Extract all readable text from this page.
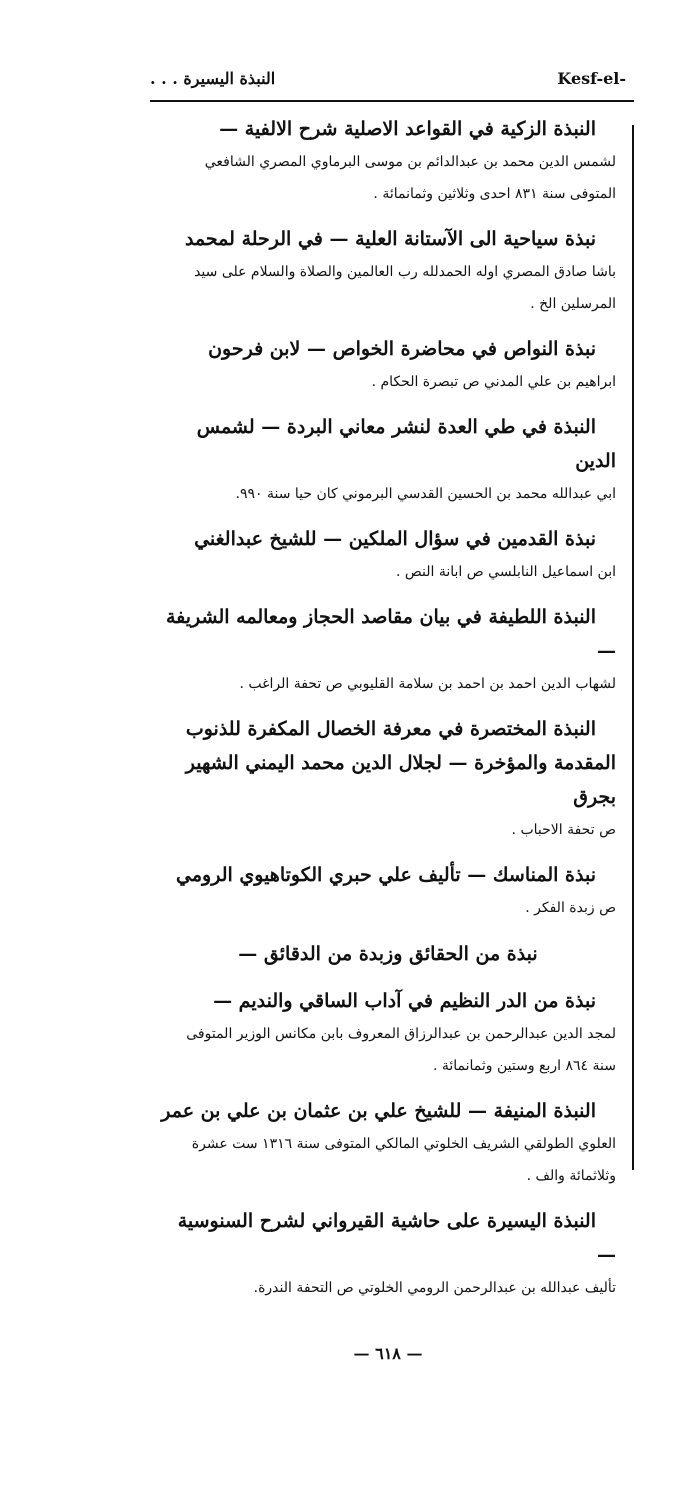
النبذة اليسيرة . . .	Kesf-el-
النبذة الزكية في القواعد الاصلية شرح الالفية —
لشمس الدين محمد بن عبدالدائم بن موسى البرماوي المصري الشافعي المتوفى سنة ٨٣١ احدى وثلاثين وثمانمائة .
نبذة سياحية الى الآستانة العلية — في الرحلة لمحمد
باشا صادق المصري اوله الحمدلله رب العالمين والصلاة والسلام على سيد المرسلين الخ .
نبذة النواص في محاضرة الخواص — لابن فرحون
ابراهيم بن علي المدني ص تبصرة الحكام .
النبذة في طي العدة لنشر معاني البردة — لشمس الدين
ابي عبدالله محمد بن الحسين القدسي البرموني كان حيا سنة ٩٩٠.
نبذة القدمين في سؤال الملكين — للشيخ عبدالغني
ابن اسماعيل النابلسي ص ابانة النص .
النبذة اللطيفة في بيان مقاصد الحجاز ومعالمه الشريفة —
لشهاب الدين احمد بن احمد بن سلامة القليوبي ص تحفة الراغب .
النبذة المختصرة في معرفة الخصال المكفرة للذنوب المقدمة والمؤخرة — لجلال الدين محمد اليمني الشهير بجرق
ص تحفة الاحباب .
نبذة المناسك — تأليف علي حبري الكوتاهيوي الرومي
ص زبدة الفكر .
نبذة من الحقائق وزبدة من الدقائق —
نبذة من الدر النظيم في آداب الساقي والنديم —
لمجد الدين عبدالرحمن بن عبدالرزاق المعروف بابن مكانس الوزير المتوفى سنة ٨٦٤ اربع وستين وثمانمائة .
النبذة المنيفة — للشيخ علي بن عثمان بن علي بن عمر
العلوي الطولقي الشريف الخلوتي المالكي المتوفى سنة ١٣١٦ ست عشرة وثلاثمائة والف .
النبذة اليسيرة على حاشية القيرواني لشرح السنوسية —
تأليف عبدالله بن عبدالرحمن الرومي الخلوتي ص التحفة الندرة.
— ٦١٨ —
